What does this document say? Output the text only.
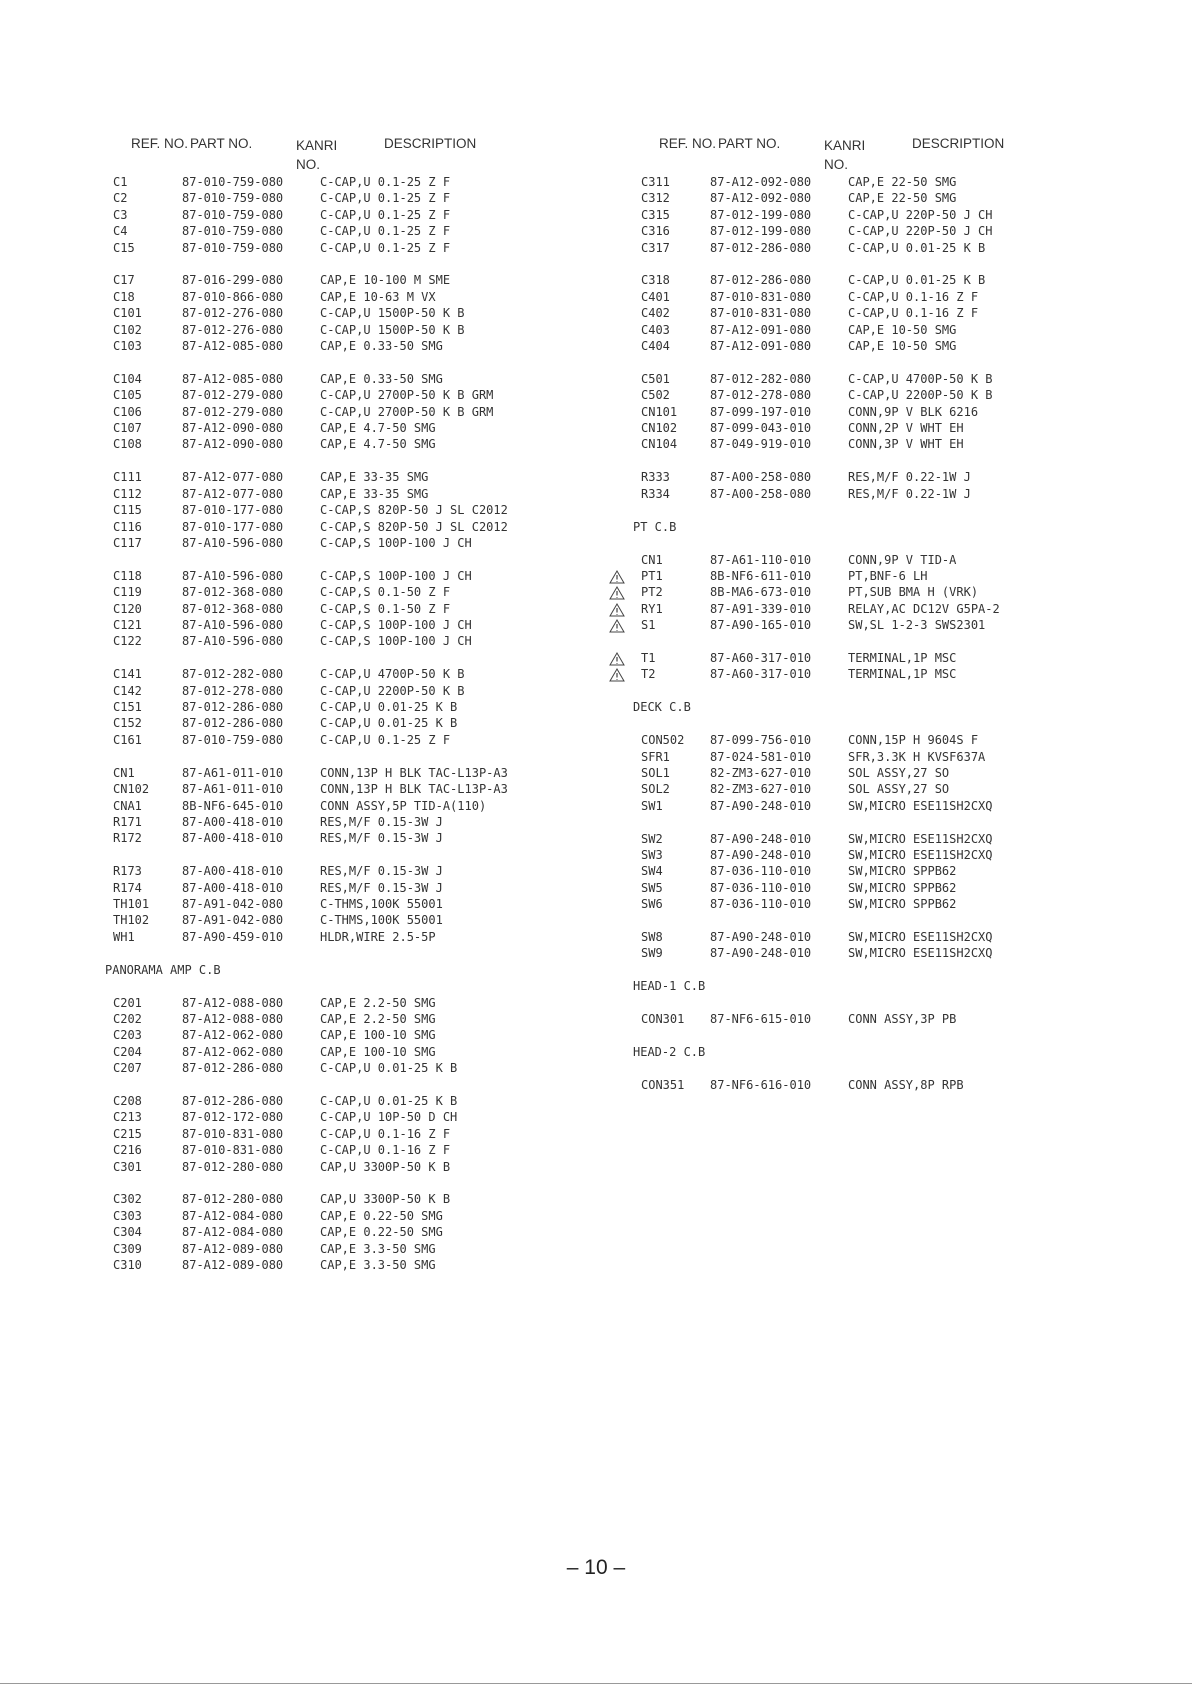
REF. NO. PART NO.	KANRI
NO.
DESCRIPTION
C1	87-010-759-080	C-CAP,U 0.1-25 Z F
C2	87-010-759-080	C-CAP,U 0.1-25 Z F
C3	87-010-759-080	C-CAP,U 0.1-25 Z F
C4	87-010-759-080	C-CAP,U 0.1-25 Z F
C15	87-010-759-080	C-CAP,U 0.1-25 Z F
C17	87-016-299-080	CAP,E 10-100 M SME
C18	87-010-866-080	CAP,E 10-63 M VX
C101	87-012-276-080	C-CAP,U 1500P-50 K B
C102	87-012-276-080	C-CAP,U 1500P-50 K B
C103	87-A12-085-080	CAP,E 0.33-50 SMG
C104	87-A12-085-080	CAP,E 0.33-50 SMG
C105	87-012-279-080	C-CAP,U 2700P-50 K B GRM
C106	87-012-279-080	C-CAP,U 2700P-50 K B GRM
C107	87-A12-090-080	CAP,E 4.7-50 SMG
C108	87-A12-090-080	CAP,E 4.7-50 SMG
C111	87-A12-077-080	CAP,E 33-35 SMG
C112	87-A12-077-080	CAP,E 33-35 SMG
C115	87-010-177-080	C-CAP,S 820P-50 J SL C2012
C116	87-010-177-080	C-CAP,S 820P-50 J SL C2012
C117	87-A10-596-080	C-CAP,S 100P-100 J CH
C118	87-A10-596-080	C-CAP,S 100P-100 J CH
C119	87-012-368-080	C-CAP,S 0.1-50 Z F
C120	87-012-368-080	C-CAP,S 0.1-50 Z F
C121	87-A10-596-080	C-CAP,S 100P-100 J CH
C122	87-A10-596-080	C-CAP,S 100P-100 J CH
C141	87-012-282-080	C-CAP,U 4700P-50 K B
C142	87-012-278-080	C-CAP,U 2200P-50 K B
C151	87-012-286-080	C-CAP,U 0.01-25 K B
C152	87-012-286-080	C-CAP,U 0.01-25 K B
C161	87-010-759-080	C-CAP,U 0.1-25 Z F
CN1	87-A61-011-010	CONN,13P H BLK TAC-L13P-A3
CN102	87-A61-011-010	CONN,13P H BLK TAC-L13P-A3
CNA1	8B-NF6-645-010	CONN ASSY,5P TID-A(110)
R171	87-A00-418-010	RES,M/F 0.15-3W J
R172	87-A00-418-010	RES,M/F 0.15-3W J
R173	87-A00-418-010	RES,M/F 0.15-3W J
R174	87-A00-418-010	RES,M/F 0.15-3W J
TH101	87-A91-042-080	C-THMS,100K 55001
TH102	87-A91-042-080	C-THMS,100K 55001
WH1	87-A90-459-010	HLDR,WIRE 2.5-5P
PANORAMA AMP C.B
C201	87-A12-088-080	CAP,E 2.2-50 SMG
C202	87-A12-088-080	CAP,E 2.2-50 SMG
C203	87-A12-062-080	CAP,E 100-10 SMG
C204	87-A12-062-080	CAP,E 100-10 SMG
C207	87-012-286-080	C-CAP,U 0.01-25 K B
C208	87-012-286-080	C-CAP,U 0.01-25 K B
C213	87-012-172-080	C-CAP,U 10P-50 D CH
C215	87-010-831-080	C-CAP,U 0.1-16 Z F
C216	87-010-831-080	C-CAP,U 0.1-16 Z F
C301	87-012-280-080	CAP,U 3300P-50 K B
C302	87-012-280-080	CAP,U 3300P-50 K B
C303	87-A12-084-080	CAP,E 0.22-50 SMG
C304	87-A12-084-080	CAP,E 0.22-50 SMG
C309	87-A12-089-080	CAP,E 3.3-50 SMG
C310	87-A12-089-080	CAP,E 3.3-50 SMG
REF. NO. PART NO.	KANRI
NO.
DESCRIPTION
C311	87-A12-092-080	CAP,E 22-50 SMG
C312	87-A12-092-080	CAP,E 22-50 SMG
C315	87-012-199-080	C-CAP,U 220P-50 J CH
C316	87-012-199-080	C-CAP,U 220P-50 J CH
C317	87-012-286-080	C-CAP,U 0.01-25 K B
C318	87-012-286-080	C-CAP,U 0.01-25 K B
C401	87-010-831-080	C-CAP,U 0.1-16 Z F
C402	87-010-831-080	C-CAP,U 0.1-16 Z F
C403	87-A12-091-080	CAP,E 10-50 SMG
C404	87-A12-091-080	CAP,E 10-50 SMG
C501	87-012-282-080	C-CAP,U 4700P-50 K B
C502	87-012-278-080	C-CAP,U 2200P-50 K B
CN101	87-099-197-010	CONN,9P V BLK 6216
CN102	87-099-043-010	CONN,2P V WHT EH
CN104	87-049-919-010	CONN,3P V WHT EH
R333	87-A00-258-080	RES,M/F 0.22-1W J
R334	87-A00-258-080	RES,M/F 0.22-1W J
PT C.B
CN1	87-A61-110-010	CONN,9P V TID-A
PT1	8B-NF6-611-010	PT,BNF-6 LH
PT2	8B-MA6-673-010	PT,SUB BMA H (VRK)
RY1	87-A91-339-010	RELAY,AC DC12V G5PA-2
S1	87-A90-165-010	SW,SL 1-2-3 SWS2301
T1	87-A60-317-010	TERMINAL,1P MSC
T2	87-A60-317-010	TERMINAL,1P MSC
DECK C.B
CON502 87-099-756-010	CONN,15P H 9604S F
SFR1	87-024-581-010	SFR,3.3K H KVSF637A
SOL1	82-ZM3-627-010	SOL ASSY,27 SO
SOL2	82-ZM3-627-010	SOL ASSY,27 SO
SW1	87-A90-248-010	SW,MICRO ESE11SH2CXQ
SW2	87-A90-248-010	SW,MICRO ESE11SH2CXQ
SW3	87-A90-248-010	SW,MICRO ESE11SH2CXQ
SW4	87-036-110-010	SW,MICRO SPPB62
SW5	87-036-110-010	SW,MICRO SPPB62
SW6	87-036-110-010	SW,MICRO SPPB62
SW8	87-A90-248-010	SW,MICRO ESE11SH2CXQ
SW9	87-A90-248-010	SW,MICRO ESE11SH2CXQ
HEAD-1 C.B
CON301 87-NF6-615-010	CONN ASSY,3P PB
HEAD-2 C.B
CON351 87-NF6-616-010	CONN ASSY,8P RPB
– 10 –
